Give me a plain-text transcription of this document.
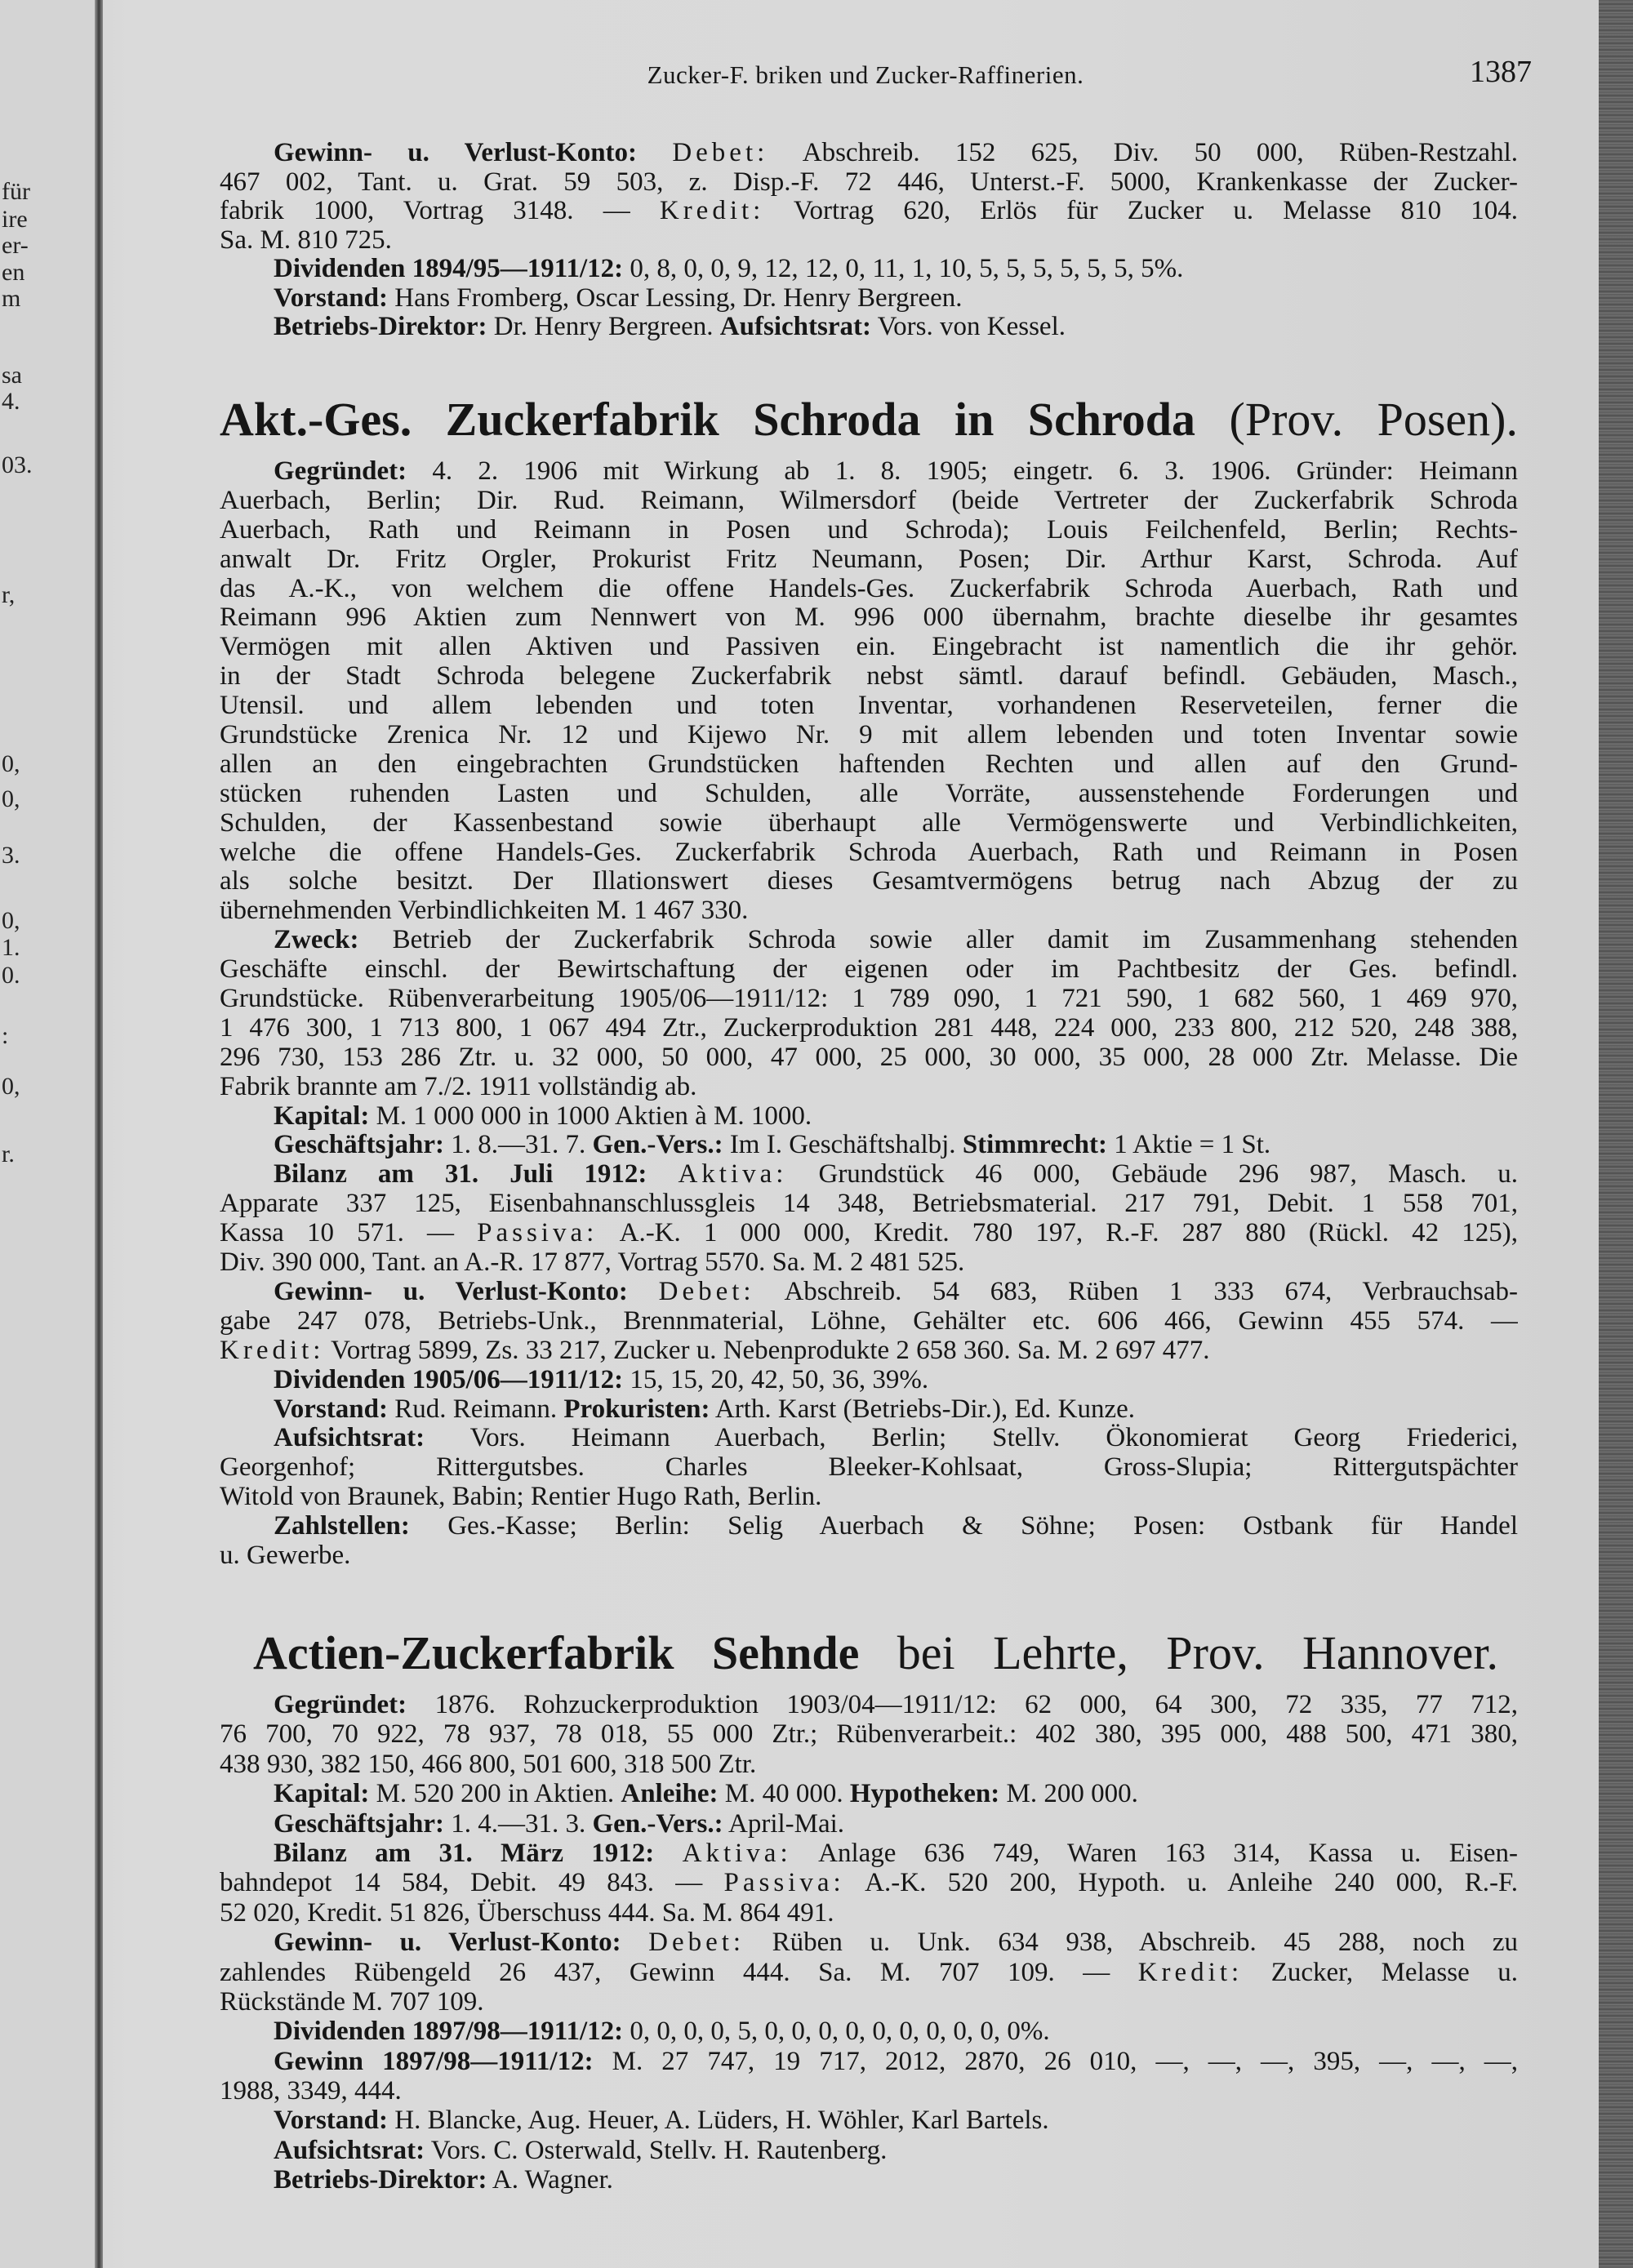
für
ire
er-
en
m
sa
4.
03.
r,
0,
0,
3.
0,
1.
0.
:
0,
r.
Zucker-F. briken und Zucker-Raffinerien.	1387
Gewinn- u. Verlust-Konto: Debet: Abschreib. 152 625, Div. 50 000, Rüben-Restzahl.
467 002, Tant. u. Grat. 59 503, z. Disp.-F. 72 446, Unterst.-F. 5000, Krankenkasse der Zucker-
fabrik 1000, Vortrag 3148. — Kredit: Vortrag 620, Erlös für Zucker u. Melasse 810 104.
Sa. M. 810 725.
Dividenden 1894/95—1911/12: 0, 8, 0, 0, 9, 12, 12, 0, 11, 1, 10, 5, 5, 5, 5, 5, 5, 5%.
Vorstand: Hans Fromberg, Oscar Lessing, Dr. Henry Bergreen.
Betriebs-Direktor: Dr. Henry Bergreen. Aufsichtsrat: Vors. von Kessel.
Akt.-Ges. Zuckerfabrik Schroda in Schroda (Prov. Posen).
Gegründet: 4. 2. 1906 mit Wirkung ab 1. 8. 1905; eingetr. 6. 3. 1906. Gründer: Heimann
Auerbach, Berlin; Dir. Rud. Reimann, Wilmersdorf (beide Vertreter der Zuckerfabrik Schroda
Auerbach, Rath und Reimann in Posen und Schroda); Louis Feilchenfeld, Berlin; Rechts-
anwalt Dr. Fritz Orgler, Prokurist Fritz Neumann, Posen; Dir. Arthur Karst, Schroda. Auf
das A.-K., von welchem die offene Handels-Ges. Zuckerfabrik Schroda Auerbach, Rath und
Reimann 996 Aktien zum Nennwert von M. 996 000 übernahm, brachte dieselbe ihr gesamtes
Vermögen mit allen Aktiven und Passiven ein. Eingebracht ist namentlich die ihr gehör.
in der Stadt Schroda belegene Zuckerfabrik nebst sämtl. darauf befindl. Gebäuden, Masch.,
Utensil. und allem lebenden und toten Inventar, vorhandenen Reserveteilen, ferner die
Grundstücke Zrenica Nr. 12 und Kijewo Nr. 9 mit allem lebenden und toten Inventar sowie
allen an den eingebrachten Grundstücken haftenden Rechten und allen auf den Grund-
stücken ruhenden Lasten und Schulden, alle Vorräte, aussenstehende Forderungen und
Schulden, der Kassenbestand sowie überhaupt alle Vermögenswerte und Verbindlichkeiten,
welche die offene Handels-Ges. Zuckerfabrik Schroda Auerbach, Rath und Reimann in Posen
als solche besitzt. Der Illationswert dieses Gesamtvermögens betrug nach Abzug der zu
übernehmenden Verbindlichkeiten M. 1 467 330.
Zweck: Betrieb der Zuckerfabrik Schroda sowie aller damit im Zusammenhang stehenden
Geschäfte einschl. der Bewirtschaftung der eigenen oder im Pachtbesitz der Ges. befindl.
Grundstücke. Rübenverarbeitung 1905/06—1911/12: 1 789 090, 1 721 590, 1 682 560, 1 469 970,
1 476 300, 1 713 800, 1 067 494 Ztr., Zuckerproduktion 281 448, 224 000, 233 800, 212 520, 248 388,
296 730, 153 286 Ztr. u. 32 000, 50 000, 47 000, 25 000, 30 000, 35 000, 28 000 Ztr. Melasse. Die
Fabrik brannte am 7./2. 1911 vollständig ab.
Kapital: M. 1 000 000 in 1000 Aktien à M. 1000.
Geschäftsjahr: 1. 8.—31. 7. Gen.-Vers.: Im I. Geschäftshalbj. Stimmrecht: 1 Aktie = 1 St.
Bilanz am 31. Juli 1912: Aktiva: Grundstück 46 000, Gebäude 296 987, Masch. u.
Apparate 337 125, Eisenbahnanschlussgleis 14 348, Betriebsmaterial. 217 791, Debit. 1 558 701,
Kassa 10 571. — Passiva: A.-K. 1 000 000, Kredit. 780 197, R.-F. 287 880 (Rückl. 42 125),
Div. 390 000, Tant. an A.-R. 17 877, Vortrag 5570. Sa. M. 2 481 525.
Gewinn- u. Verlust-Konto: Debet: Abschreib. 54 683, Rüben 1 333 674, Verbrauchsab-
gabe 247 078, Betriebs-Unk., Brennmaterial, Löhne, Gehälter etc. 606 466, Gewinn 455 574. —
Kredit: Vortrag 5899, Zs. 33 217, Zucker u. Nebenprodukte 2 658 360. Sa. M. 2 697 477.
Dividenden 1905/06—1911/12: 15, 15, 20, 42, 50, 36, 39%.
Vorstand: Rud. Reimann. Prokuristen: Arth. Karst (Betriebs-Dir.), Ed. Kunze.
Aufsichtsrat: Vors. Heimann Auerbach, Berlin; Stellv. Ökonomierat Georg Friederici,
Georgenhof; Rittergutsbes. Charles Bleeker-Kohlsaat, Gross-Slupia; Rittergutspächter
Witold von Braunek, Babin; Rentier Hugo Rath, Berlin.
Zahlstellen: Ges.-Kasse; Berlin: Selig Auerbach & Söhne; Posen: Ostbank für Handel
u. Gewerbe.
Actien-Zuckerfabrik Sehnde bei Lehrte, Prov. Hannover.
Gegründet: 1876. Rohzuckerproduktion 1903/04—1911/12: 62 000, 64 300, 72 335, 77 712,
76 700, 70 922, 78 937, 78 018, 55 000 Ztr.; Rübenverarbeit.: 402 380, 395 000, 488 500, 471 380,
438 930, 382 150, 466 800, 501 600, 318 500 Ztr.
Kapital: M. 520 200 in Aktien. Anleihe: M. 40 000. Hypotheken: M. 200 000.
Geschäftsjahr: 1. 4.—31. 3. Gen.-Vers.: April-Mai.
Bilanz am 31. März 1912: Aktiva: Anlage 636 749, Waren 163 314, Kassa u. Eisen-
bahndepot 14 584, Debit. 49 843. — Passiva: A.-K. 520 200, Hypoth. u. Anleihe 240 000, R.-F.
52 020, Kredit. 51 826, Überschuss 444. Sa. M. 864 491.
Gewinn- u. Verlust-Konto: Debet: Rüben u. Unk. 634 938, Abschreib. 45 288, noch zu
zahlendes Rübengeld 26 437, Gewinn 444. Sa. M. 707 109. — Kredit: Zucker, Melasse u.
Rückstände M. 707 109.
Dividenden 1897/98—1911/12: 0, 0, 0, 0, 5, 0, 0, 0, 0, 0, 0, 0, 0, 0, 0%.
Gewinn 1897/98—1911/12: M. 27 747, 19 717, 2012, 2870, 26 010, —, —, —, 395, —, —, —,
1988, 3349, 444.
Vorstand: H. Blancke, Aug. Heuer, A. Lüders, H. Wöhler, Karl Bartels.
Aufsichtsrat: Vors. C. Osterwald, Stellv. H. Rautenberg.
Betriebs-Direktor: A. Wagner.
